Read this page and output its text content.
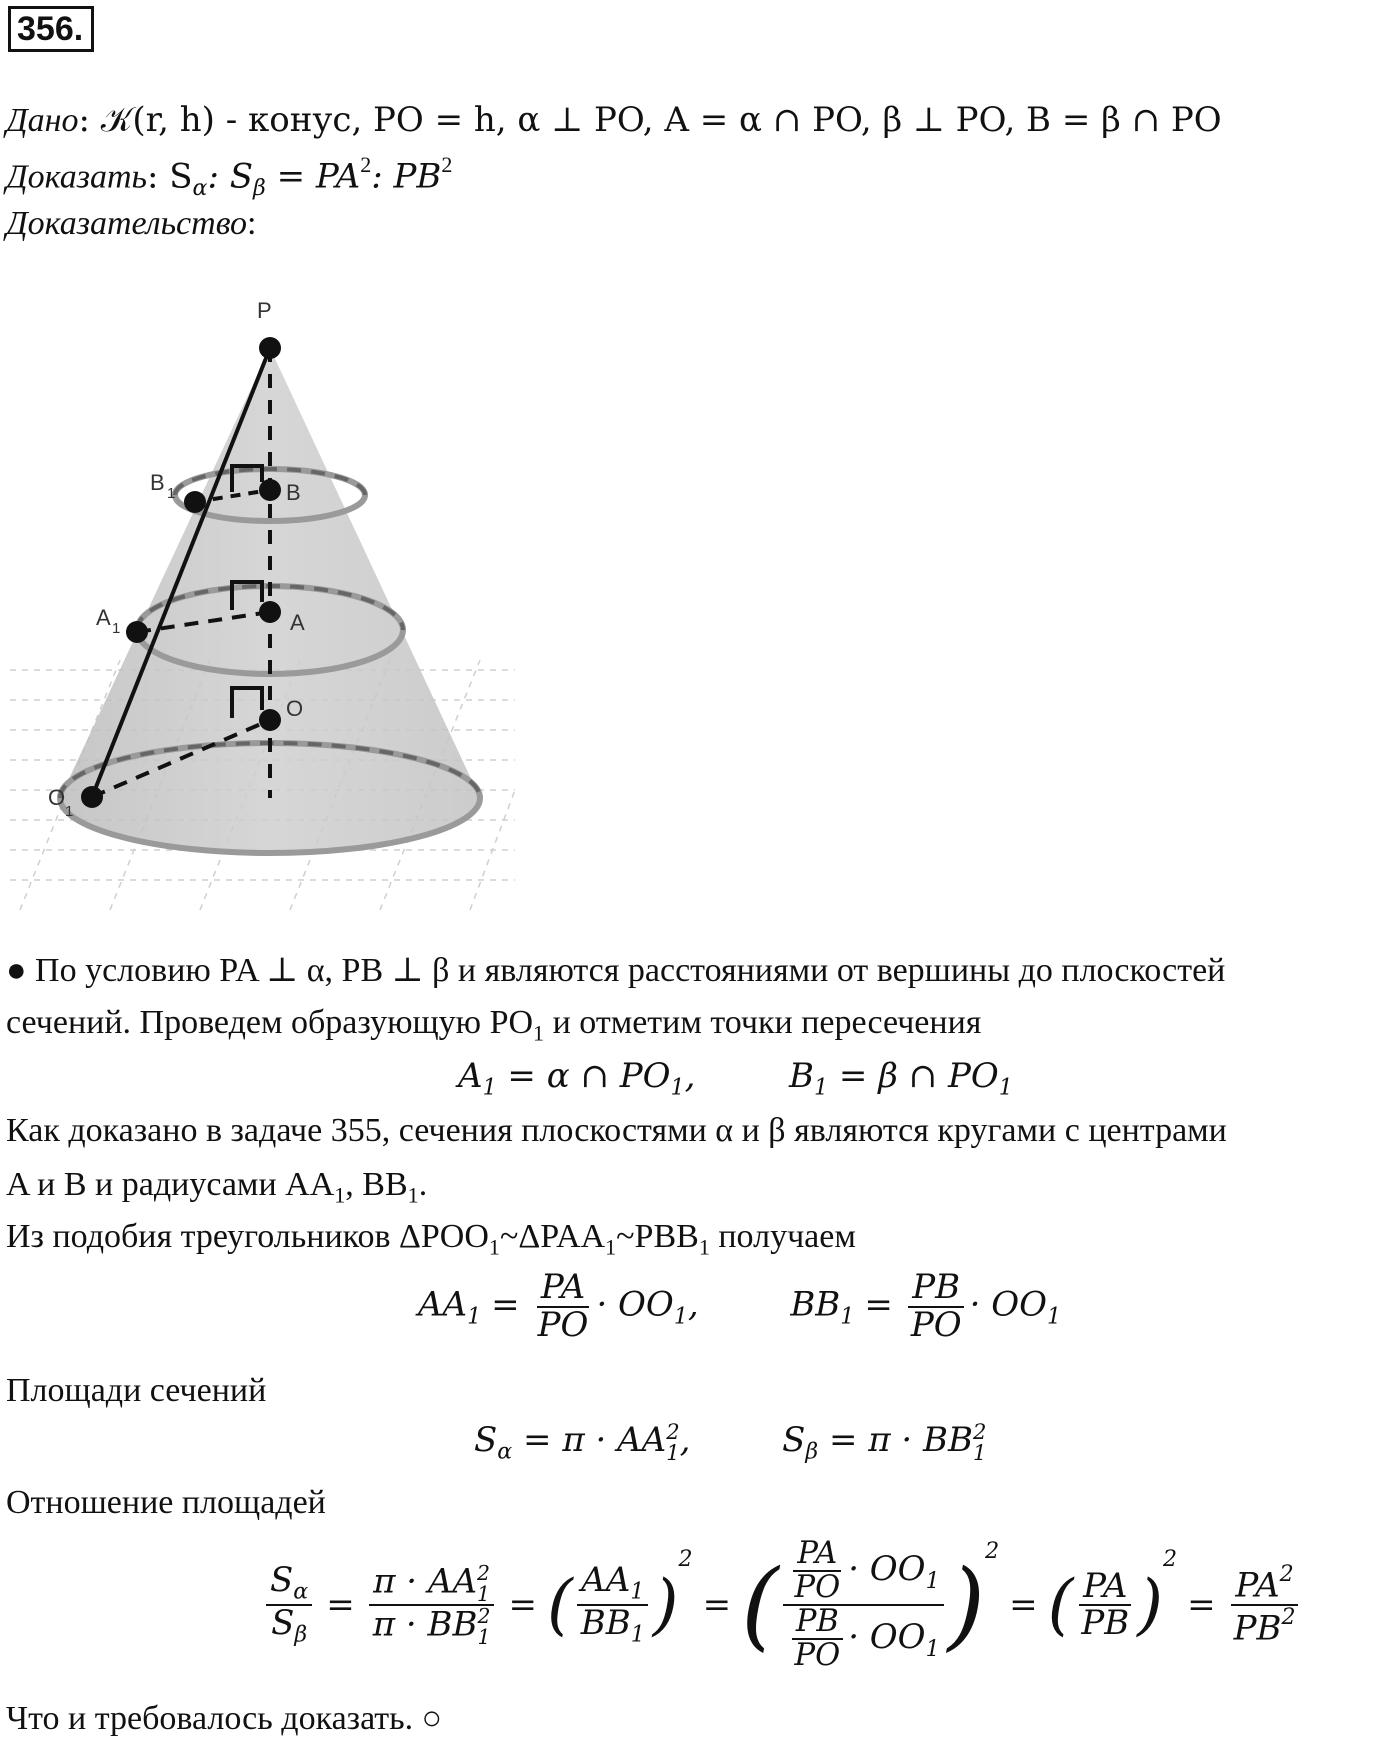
356.
Дано: 𝒦(r, h) - конус, PO = h, α ⊥ PO, A = α ∩ PO, β ⊥ PO, B = β ∩ PO
Доказать: $S_\alpha$: $S_\beta = PA^2$: $PB^2$
Доказательство:
P
B
B 1
A
A 1
O
O
1
● По условию PA ⊥ α, PB ⊥ β и являются расстояниями от вершины до плоскостей
сечений. Проведем образующую $PO_1$ и отметим точки пересечения
$A_1 = \alpha$ ∩ $PO_1$,	$B_1 = \beta$ ∩ $PO_1$
Как доказано в задаче 355, сечения плоскостями α и β являются кругами с центрами
A и B и радиусами $AA_1$, $BB_1$.
Из подобия треугольников $\Delta POO_1\sim\Delta PAA_1\sim PBB_1$ получаем
$AA_1 = \frac{PA}{PO} \cdot OO_1$,	$BB_1 = \frac{PB}{PO} \cdot OO_1$
Площади сечений
$S_\alpha = \pi$ · AA 2
1 ,	$S_\beta = \pi$ · BB 2
1
Отношение площадей
$\frac{S_\alpha}{S_\beta} = \pi$ · AA 2
1
π · BB 2
1 = ( $\frac{AA_1}{BB_1}$ )
2
= ( $\frac{\frac{PA}{PO} \cdot OO_1}{\frac{PB}{PO} \cdot OO_1} )^2$
= ( $\frac{PA}{PB}$ )
2
= $\frac{PA^2}{PB^2}$
Что и требовалось доказать. ○
